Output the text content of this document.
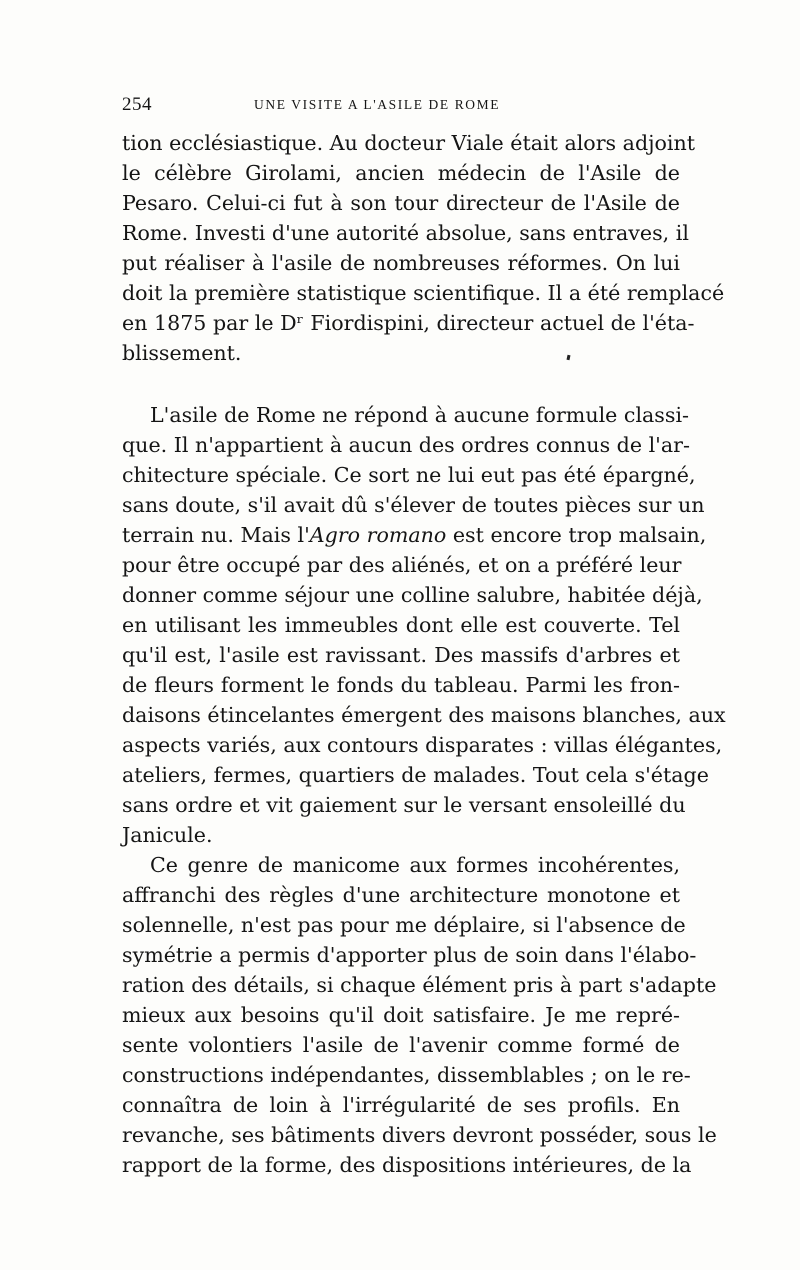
254	UNE VISITE A L'ASILE DE ROME

tion ecclésiastique. Au docteur Viale était alors adjoint
le célèbre Girolami, ancien médecin de l'Asile de
Pesaro. Celui-ci fut à son tour directeur de l'Asile de
Rome. Investi d'une autorité absolue, sans entraves, il
put réaliser à l'asile de nombreuses réformes. On lui
doit la première statistique scientifique. Il a été remplacé
en 1875 par le Dʳ Fiordispini, directeur actuel de l'éta-
blissement.

L'asile de Rome ne répond à aucune formule classi-
que. Il n'appartient à aucun des ordres connus de l'ar-
chitecture spéciale. Ce sort ne lui eut pas été épargné,
sans doute, s'il avait dû s'élever de toutes pièces sur un
terrain nu. Mais l'Agro romano est encore trop malsain,
pour être occupé par des aliénés, et on a préféré leur
donner comme séjour une colline salubre, habitée déjà,
en utilisant les immeubles dont elle est couverte. Tel
qu'il est, l'asile est ravissant. Des massifs d'arbres et
de fleurs forment le fonds du tableau. Parmi les fron-
daisons étincelantes émergent des maisons blanches, aux
aspects variés, aux contours disparates : villas élégantes,
ateliers, fermes, quartiers de malades. Tout cela s'étage
sans ordre et vit gaiement sur le versant ensoleillé du
Janicule.

Ce genre de manicome aux formes incohérentes,
affranchi des règles d'une architecture monotone et
solennelle, n'est pas pour me déplaire, si l'absence de
symétrie a permis d'apporter plus de soin dans l'élabo-
ration des détails, si chaque élément pris à part s'adapte
mieux aux besoins qu'il doit satisfaire. Je me repré-
sente volontiers l'asile de l'avenir comme formé de
constructions indépendantes, dissemblables ; on le re-
connaîtra de loin à l'irrégularité de ses profils. En
revanche, ses bâtiments divers devront posséder, sous le
rapport de la forme, des dispositions intérieures, de la
